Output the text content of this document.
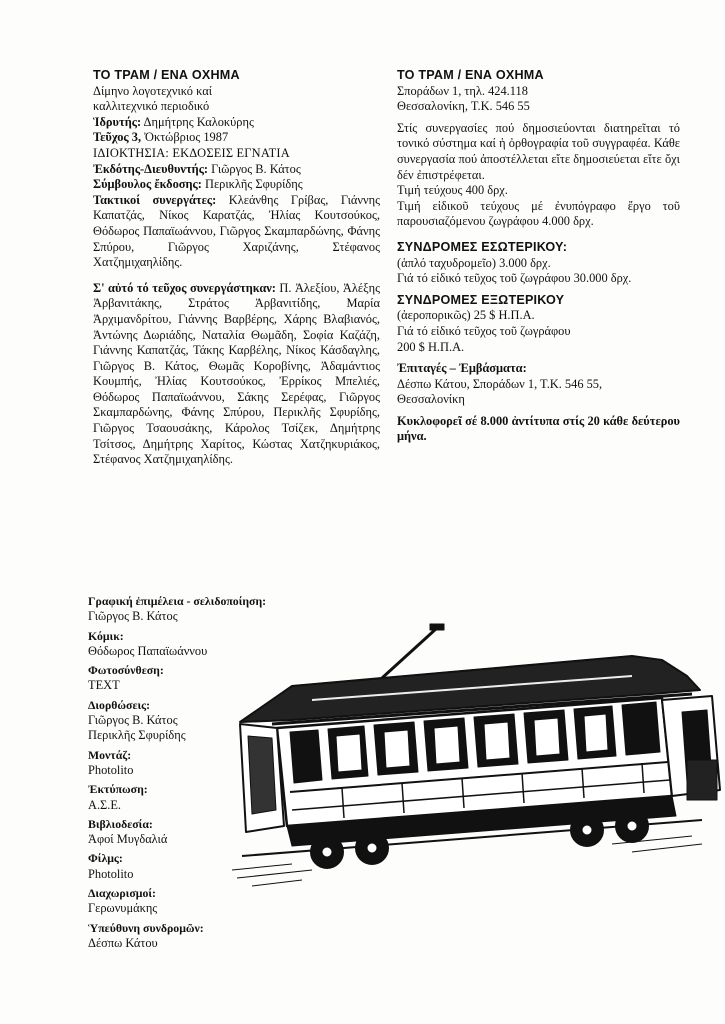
ΤΟ ΤΡΑΜ / ΕΝΑ ΟΧΗΜΑ

Δίμηνο λογοτεχνικό καί

καλλιτεχνικό περιοδικό

Ἱδρυτής: Δημήτρης Καλοκύρης

Τεῦχος 3, Ὀκτώβριος 1987

ΙΔΙΟΚΤΗΣΙΑ: ΕΚΔΟΣΕΙΣ ΕΓΝΑΤΙΑ

Ἐκδότης-Διευθυντής: Γιῶργος Β. Κάτος

Σύμβουλος ἔκδοσης: Περικλῆς Σφυρίδης

Τακτικοί συνεργάτες: Κλεάνθης Γρίβας, Γιάννης Καπατζάς, Νίκος Καρατζάς, Ἠλίας Κουτσούκος, Θόδωρος Παπαϊωάννου, Γιῶργος Σκαμπαρδώνης, Φάνης Σπύρου, Γιῶργος Χαριζάνης, Στέφανος Χατζημιχαηλίδης.

Σ' αὐτό τό τεῦχος συνεργάστηκαν: Π. Ἀλεξίου, Ἀλέξης Ἀρβανιτάκης, Στράτος Ἀρβανιτίδης, Μαρία Ἀρχιμανδρίτου, Γιάννης Βαρβέρης, Χάρης Βλαβιανός, Ἀντώνης Δωριάδης, Ναταλία Θωμᾶδη, Σοφία Καζάζη, Γιάννης Καπατζάς, Τάκης Καρβέλης, Νίκος Κάσδαγλης, Γιῶργος Β. Κάτος, Θωμᾶς Κοροβίνης, Ἀδαμάντιος Κουμπής, Ἠλίας Κουτσούκος, Ἐρρίκος Μπελιές, Θόδωρος Παπαϊωάννου, Σάκης Σερέφας, Γιῶργος Σκαμπαρδώνης, Φάνης Σπύρου, Περικλῆς Σφυρίδης, Γιῶργος Τσαουσάκης, Κάρολος Τσίζεκ, Δημήτρης Τσίτσος, Δημήτρης Χαρίτος, Κώστας Χατζηκυριάκος, Στέφανος Χατζημιχαηλίδης.

ΤΟ ΤΡΑΜ / ΕΝΑ ΟΧΗΜΑ

Σποράδων 1, τηλ. 424.118

Θεσσαλονίκη, Τ.Κ. 546 55

Στίς συνεργασίες πού δημοσιεύονται διατηρεῖται τό τονικό σύστημα καί ἡ ὀρθογραφία τοῦ συγγραφέα. Κάθε συνεργασία πού ἀποστέλλεται εἴτε δημοσιεύεται εἴτε ὄχι δέν ἐπιστρέφεται.

Τιμή τεύχους 400 δρχ.

Τιμή εἰδικοῦ τεύχους μέ ἐνυπόγραφο ἔργο τοῦ παρουσιαζόμενου ζωγράφου 4.000 δρχ.

ΣΥΝΔΡΟΜΕΣ ΕΣΩΤΕΡΙΚΟΥ:

(ἁπλό ταχυδρομεῖο) 3.000 δρχ.

Γιά τό εἰδικό τεῦχος τοῦ ζωγράφου 30.000 δρχ.

ΣΥΝΔΡΟΜΕΣ ΕΞΩΤΕΡΙΚΟΥ

(ἀεροπορικῶς) 25 $ Η.Π.Α.

Γιά τό εἰδικό τεῦχος τοῦ ζωγράφου

200 $ Η.Π.Α.

Ἐπιταγές – Ἐμβάσματα:

Δέσπω Κάτου, Σποράδων 1, Τ.Κ. 546 55,

Θεσσαλονίκη

Κυκλοφορεῖ σέ 8.000 ἀντίτυπα στίς 20 κάθε δεύτερου μήνα.

Γραφική ἐπιμέλεια - σελιδοποίηση:

Γιῶργος Β. Κάτος

Κόμικ:

Θόδωρος Παπαϊωάννου

Φωτοσύνθεση:

TEXT

Διορθώσεις:

Γιῶργος Β. Κάτος

Περικλῆς Σφυρίδης

Μοντάζ:

Photolito

Ἐκτύπωση:

Α.Σ.Ε.

Βιβλιοδεσία:

Ἀφοί Μυγδαλιά

Φίλμς:

Photolito

Διαχωρισμοί:

Γερωνυμάκης

Ὑπεύθυνη συνδρομῶν:

Δέσπω Κάτου
